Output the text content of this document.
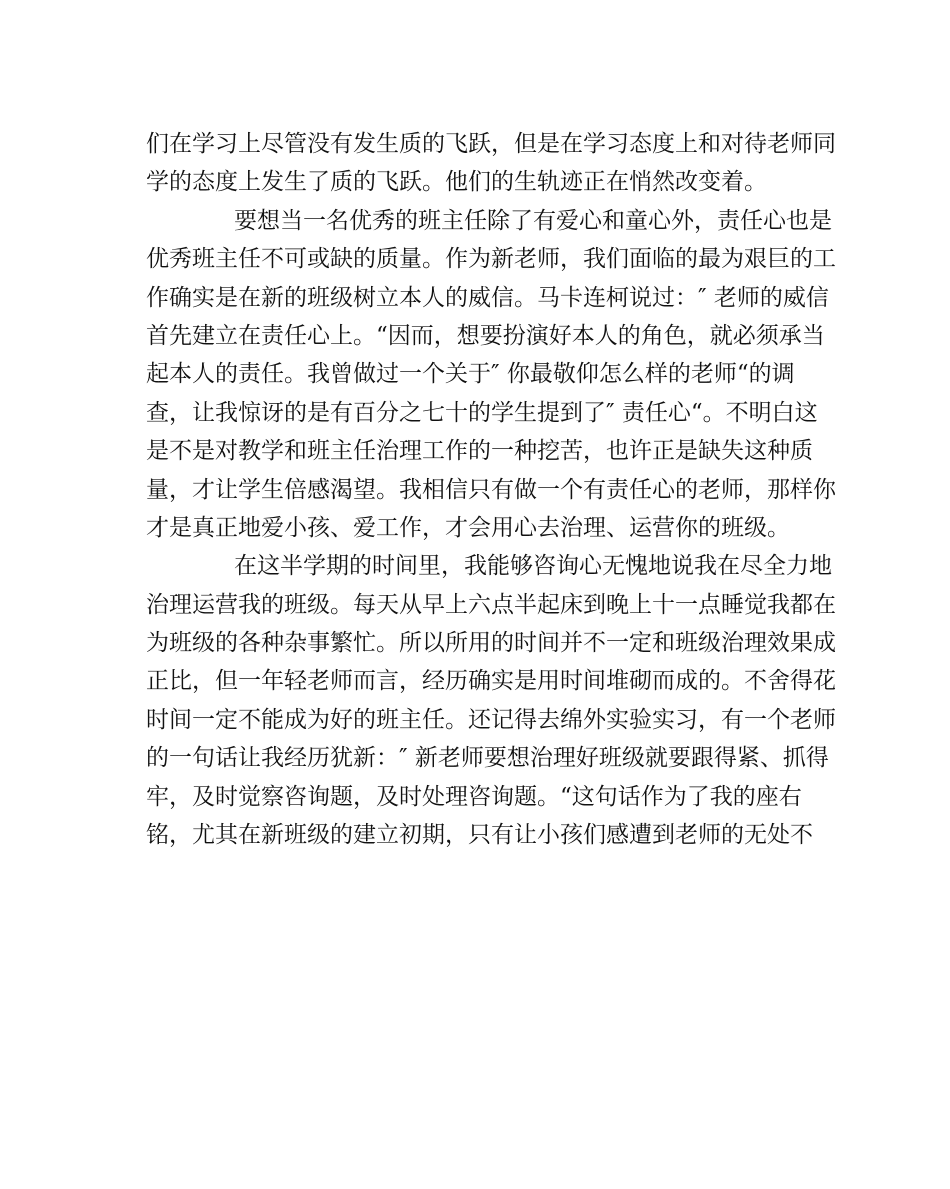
们在学习上尽管没有发生质的飞跃，但是在学习态度上和对待老师同
学的态度上发生了质的飞跃。他们的生轨迹正在悄然改变着。
要想当一名优秀的班主任除了有爱心和童心外，责任心也是
优秀班主任不可或缺的质量。作为新老师，我们面临的最为艰巨的工
作确实是在新的班级树立本人的威信。马卡连柯说过：″ 老师的威信
首先建立在责任心上。“因而，想要扮演好本人的角色，就必须承当
起本人的责任。我曾做过一个关于″ 你最敬仰怎么样的老师“的调
查，让我惊讶的是有百分之七十的学生提到了″ 责任心“。不明白这
是不是对教学和班主任治理工作的一种挖苦，也许正是缺失这种质
量，才让学生倍感渴望。我相信只有做一个有责任心的老师，那样你
才是真正地爱小孩、爱工作，才会用心去治理、运营你的班级。
在这半学期的时间里，我能够咨询心无愧地说我在尽全力地
治理运营我的班级。每天从早上六点半起床到晚上十一点睡觉我都在
为班级的各种杂事繁忙。所以所用的时间并不一定和班级治理效果成
正比，但一年轻老师而言，经历确实是用时间堆砌而成的。不舍得花
时间一定不能成为好的班主任。还记得去绵外实验实习，有一个老师
的一句话让我经历犹新：″ 新老师要想治理好班级就要跟得紧、抓得
牢，及时觉察咨询题，及时处理咨询题。“这句话作为了我的座右
铭，尤其在新班级的建立初期，只有让小孩们感遭到老师的无处不
